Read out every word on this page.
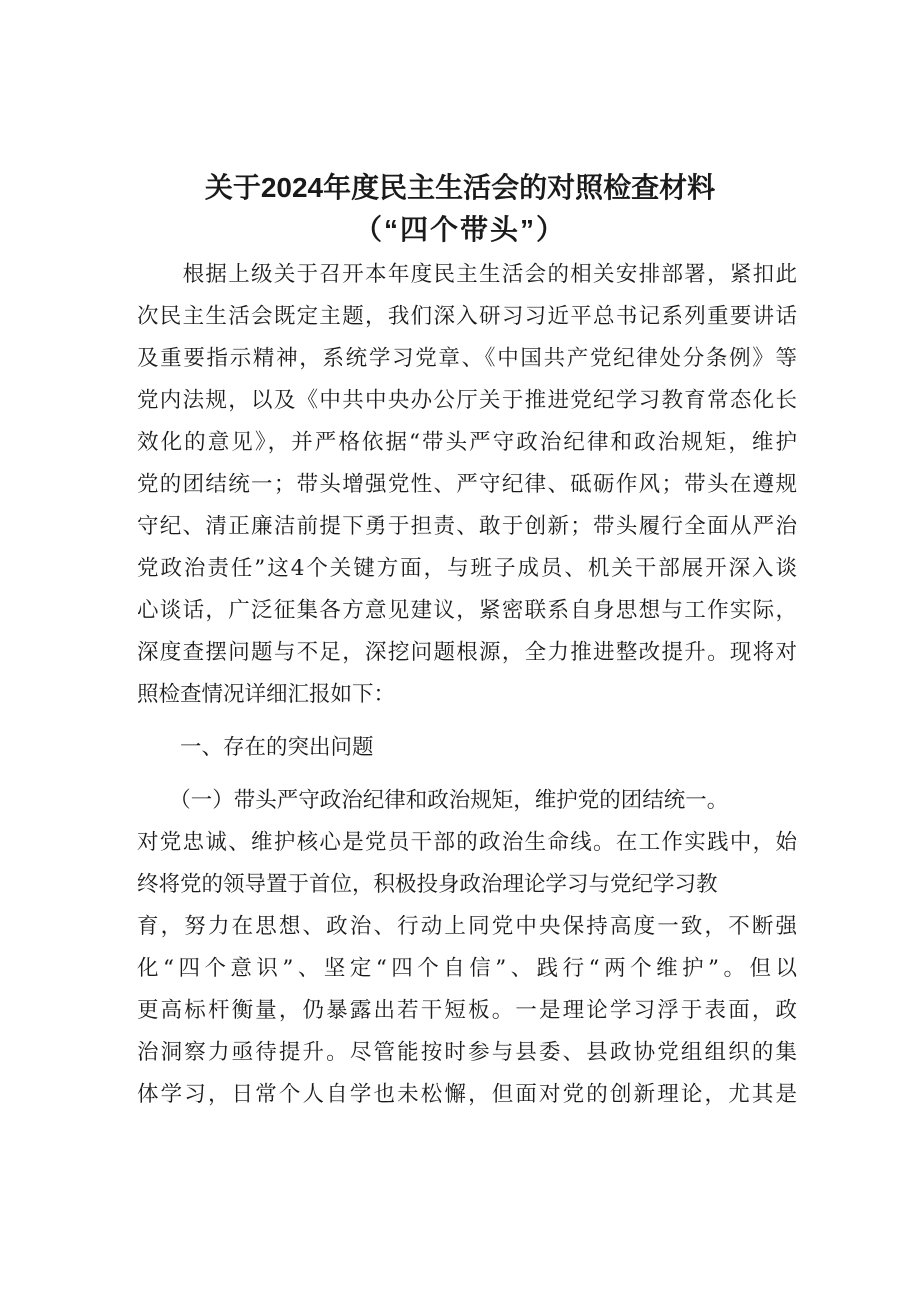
关于2024年度民主生活会的对照检查材料
（“四个带头”）
　　根据上级关于召开本年度民主生活会的相关安排部署，紧扣此
次民主生活会既定主题，我们深入研习习近平总书记系列重要讲话
及重要指示精神，系统学习党章、《中国共产党纪律处分条例》等
党内法规，以及《中共中央办公厅关于推进党纪学习教育常态化长
效化的意见》，并严格依据“带头严守政治纪律和政治规矩，维护
党的团结统一；带头增强党性、严守纪律、砥砺作风；带头在遵规
守纪、清正廉洁前提下勇于担责、敢于创新；带头履行全面从严治
党政治责任”这4个关键方面，与班子成员、机关干部展开深入谈
心谈话，广泛征集各方意见建议，紧密联系自身思想与工作实际，
深度查摆问题与不足，深挖问题根源，全力推进整改提升。现将对
照检查情况详细汇报如下：
　　一、存在的突出问题
　　（一）带头严守政治纪律和政治规矩，维护党的团结统一。
对党忠诚、维护核心是党员干部的政治生命线。在工作实践中，始
终将党的领导置于首位，积极投身政治理论学习与党纪学习教
育，努力在思想、政治、行动上同党中央保持高度一致，不断强
化“四个意识”、坚定“四个自信”、践行“两个维护”。但以
更高标杆衡量，仍暴露出若干短板。一是理论学习浮于表面，政
治洞察力亟待提升。尽管能按时参与县委、县政协党组组织的集
体学习，日常个人自学也未松懈，但面对党的创新理论，尤其是
